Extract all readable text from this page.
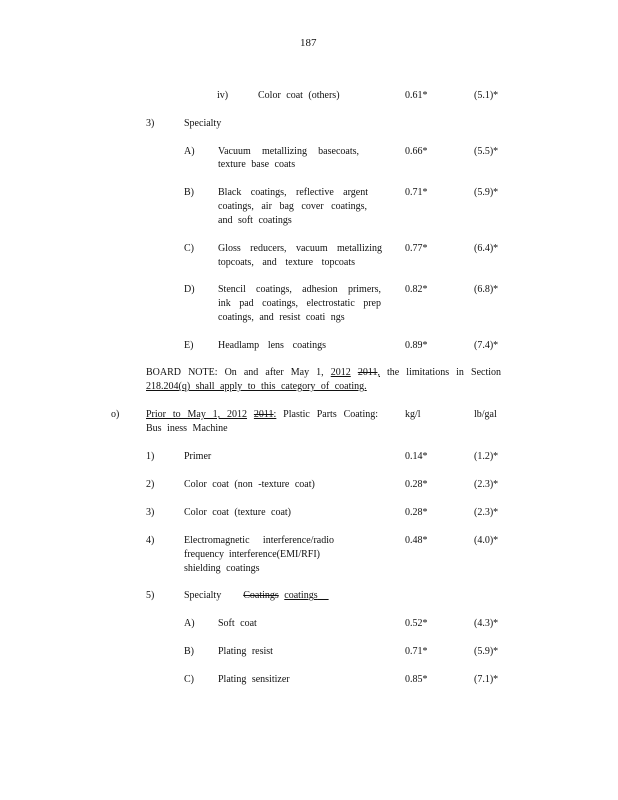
187
iv)	Color coat (others)	0.61*	(5.1)*
3)	Specialty
A) Vacuum metallizing basecoats,
texture base coats
0.66*	(5.5)*
B) Black coatings, reflective argent
coatings, air bag cover coatings,
and soft coatings
0.71*	(5.9)*
C) Gloss reducers, vacuum metallizing
topcoats, and texture topcoats
0.77*	(6.4)*
D) Stencil coatings, adhesion primers,
ink pad coatings, electrostatic prep
coatings, and resist coati ngs
0.82*	(6.8)*
E) Headlamp lens coatings	0.89*	(7.4)*
BOARD NOTE: On and after May 1, 2012 2011, the limitations in Section
218.204(q) shall apply to this category of coating.
o)	Prior to May 1, 2012 2011: Plastic Parts Coating:
Bus iness Machine
kg/l	lb/gal
1)	Primer	0.14*	(1.2)*
2)	Color coat (non -texture coat)	0.28*	(2.3)*
3)	Color coat (texture coat)	0.28*	(2.3)*
4)	Electromagnetic interference/radio
frequency interference(EMI/RFI)
shielding coatings
0.48*	(4.0)*
5)	Specialty Coatings coatings
A) Soft coat	0.52*	(4.3)*
B) Plating resist	0.71*	(5.9)*
C) Plating sensitizer	0.85*	(7.1)*
